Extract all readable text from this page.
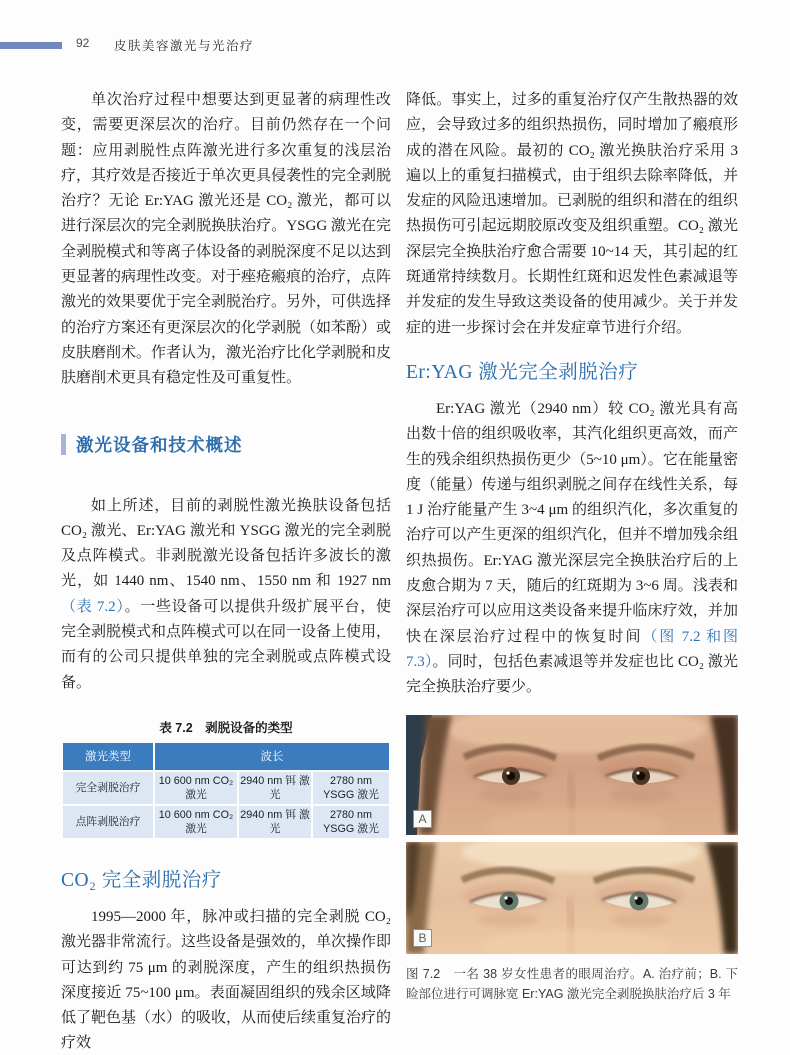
92 皮肤美容激光与光治疗

单次治疗过程中想要达到更显著的病理性改变，需要更深层次的治疗。目前仍然存在一个问题：应用剥脱性点阵激光进行多次重复的浅层治疗，其疗效是否接近于单次更具侵袭性的完全剥脱治疗？无论 Er:YAG 激光还是 CO₂ 激光，都可以进行深层次的完全剥脱换肤治疗。YSGG 激光在完全剥脱模式和等离子体设备的剥脱深度不足以达到更显著的病理性改变。对于痤疮瘢痕的治疗，点阵激光的效果要优于完全剥脱治疗。另外，可供选择的治疗方案还有更深层次的化学剥脱（如苯酚）或皮肤磨削术。作者认为，激光治疗比化学剥脱和皮肤磨削术更具有稳定性及可重复性。

激光设备和技术概述

如上所述，目前的剥脱性激光换肤设备包括 CO₂ 激光、Er:YAG 激光和 YSGG 激光的完全剥脱及点阵模式。非剥脱激光设备包括许多波长的激光，如 1440 nm、1540 nm、1550 nm 和 1927 nm（表 7.2）。一些设备可以提供升级扩展平台，使完全剥脱模式和点阵模式可以在同一设备上使用，而有的公司只提供单独的完全剥脱或点阵模式设备。

表 7.2　剥脱设备的类型
激光类型	波长		
完全剥脱治疗	10 600 nm CO₂ 激光	2940 nm 铒 激光	2780 nm YSGG 激光
点阵剥脱治疗	10 600 nm CO₂ 激光	2940 nm 铒 激光	2780 nm YSGG 激光
CO₂ 完全剥脱治疗

1995—2000 年，脉冲或扫描的完全剥脱 CO₂ 激光器非常流行。这些设备是强效的，单次操作即可达到约 75 μm 的剥脱深度，产生的组织热损伤深度接近 75~100 μm。表面凝固组织的残余区域降低了靶色基（水）的吸收，从而使后续重复治疗的疗效

降低。事实上，过多的重复治疗仅产生散热器的效应，会导致过多的组织热损伤，同时增加了瘢痕形成的潜在风险。最初的 CO₂ 激光换肤治疗采用 3 遍以上的重复扫描模式，由于组织去除率降低，并发症的风险迅速增加。已剥脱的组织和潜在的组织热损伤可引起远期胶原改变及组织重塑。CO₂ 激光深层完全换肤治疗愈合需要 10~14 天，其引起的红斑通常持续数月。长期性红斑和迟发性色素减退等并发症的发生导致这类设备的使用减少。关于并发症的进一步探讨会在并发症章节进行介绍。

Er:YAG 激光完全剥脱治疗

Er:YAG 激光（2940 nm）较 CO₂ 激光具有高出数十倍的组织吸收率，其汽化组织更高效，而产生的残余组织热损伤更少（5~10 μm）。它在能量密度（能量）传递与组织剥脱之间存在线性关系，每 1 J 治疗能量产生 3~4 μm 的组织汽化，多次重复的治疗可以产生更深的组织汽化，但并不增加残余组织热损伤。Er:YAG 激光深层完全换肤治疗后的上皮愈合期为 7 天，随后的红斑期为 3~6 周。浅表和深层治疗可以应用这类设备来提升临床疗效，并加快在深层治疗过程中的恢复时间（图 7.2 和图 7.3）。同时，包括色素减退等并发症也比 CO₂ 激光完全换肤治疗要少。

A
B
图 7.2　一名 38 岁女性患者的眼周治疗。A. 治疗前；B. 下睑部位进行可调脉宽 Er:YAG 激光完全剥脱换肤治疗后 3 年
